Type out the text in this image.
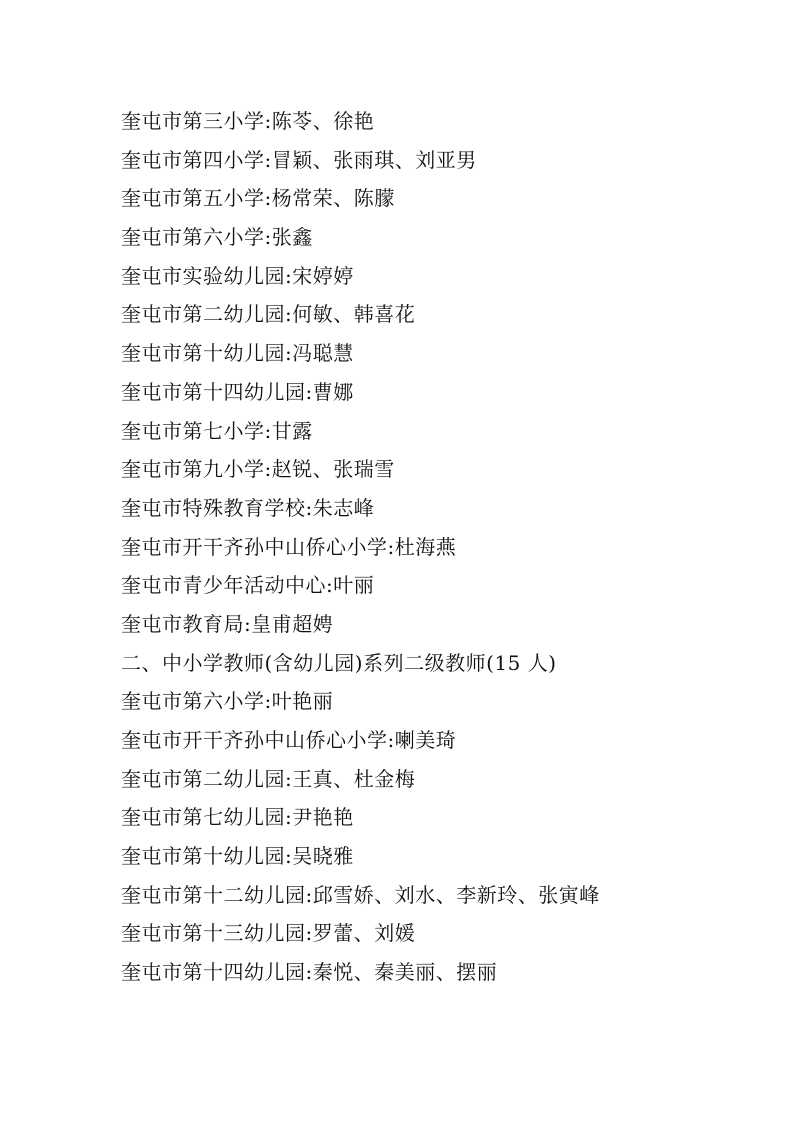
奎屯市第三小学:陈苓、徐艳
奎屯市第四小学:冒颖、张雨琪、刘亚男
奎屯市第五小学:杨常荣、陈朦
奎屯市第六小学:张鑫
奎屯市实验幼儿园:宋婷婷
奎屯市第二幼儿园:何敏、韩喜花
奎屯市第十幼儿园:冯聪慧
奎屯市第十四幼儿园:曹娜
奎屯市第七小学:甘露
奎屯市第九小学:赵锐、张瑞雪
奎屯市特殊教育学校:朱志峰
奎屯市开干齐孙中山侨心小学:杜海燕
奎屯市青少年活动中心:叶丽
奎屯市教育局:皇甫超娉
二、中小学教师(含幼儿园)系列二级教师(15 人)
奎屯市第六小学:叶艳丽
奎屯市开干齐孙中山侨心小学:喇美琦
奎屯市第二幼儿园:王真、杜金梅
奎屯市第七幼儿园:尹艳艳
奎屯市第十幼儿园:吴晓雅
奎屯市第十二幼儿园:邱雪娇、刘水、李新玲、张寅峰
奎屯市第十三幼儿园:罗蕾、刘媛
奎屯市第十四幼儿园:秦悦、秦美丽、摆丽
